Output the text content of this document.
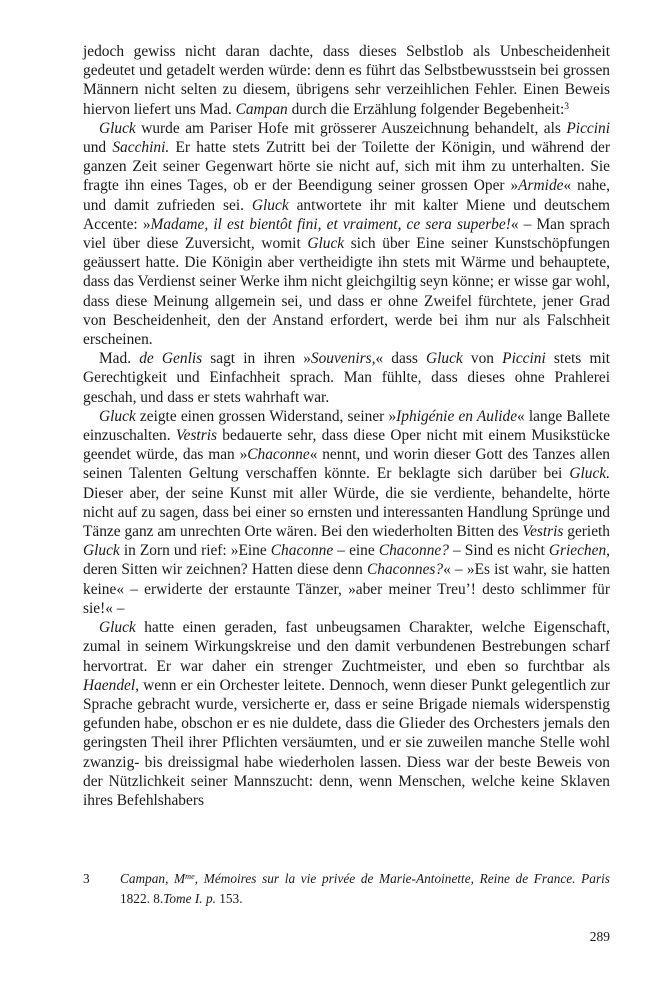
jedoch gewiss nicht daran dachte, dass dieses Selbstlob als Unbescheidenheit gedeutet und getadelt werden würde: denn es führt das Selbstbewusstsein bei grossen Männern nicht selten zu diesem, übrigens sehr verzeihlichen Fehler. Einen Beweis hiervon liefert uns Mad. Campan durch die Erzählung folgender Begebenheit:$^3$

Gluck wurde am Pariser Hofe mit grösserer Auszeichnung behandelt, als Piccini und Sacchini. Er hatte stets Zutritt bei der Toilette der Königin, und während der ganzen Zeit seiner Gegenwart hörte sie nicht auf, sich mit ihm zu unterhalten. Sie fragte ihn eines Tages, ob er der Beendigung seiner grossen Oper »Armide« nahe, und damit zufrieden sei. Gluck antwortete ihr mit kalter Miene und deutschem Accente: »Madame, il est bientôt fini, et vraiment, ce sera superbe!« – Man sprach viel über diese Zuversicht, womit Gluck sich über Eine seiner Kunstschöpfungen geäussert hatte. Die Königin aber vertheidigte ihn stets mit Wärme und behauptete, dass das Verdienst seiner Werke ihm nicht gleichgiltig seyn könne; er wisse gar wohl, dass diese Meinung allgemein sei, und dass er ohne Zweifel fürchtete, jener Grad von Bescheidenheit, den der Anstand erfordert, werde bei ihm nur als Falschheit erscheinen.

Mad. de Genlis sagt in ihren »Souvenirs,« dass Gluck von Piccini stets mit Gerechtigkeit und Einfachheit sprach. Man fühlte, dass dieses ohne Prahlerei geschah, und dass er stets wahrhaft war.

Gluck zeigte einen grossen Widerstand, seiner »Iphigénie en Aulide« lange Ballete einzuschalten. Vestris bedauerte sehr, dass diese Oper nicht mit einem Musikstücke geendet würde, das man »Chaconne« nennt, und worin dieser Gott des Tanzes allen seinen Talenten Geltung verschaffen könnte. Er beklagte sich darüber bei Gluck. Dieser aber, der seine Kunst mit aller Würde, die sie verdiente, behandelte, hörte nicht auf zu sagen, dass bei einer so ernsten und interessanten Handlung Sprünge und Tänze ganz am unrechten Orte wären. Bei den wiederholten Bitten des Vestris gerieth Gluck in Zorn und rief: »Eine Chaconne – eine Chaconne? – Sind es nicht Griechen, deren Sitten wir zeichnen? Hatten diese denn Chaconnes?« – »Es ist wahr, sie hatten keine« – erwiderte der erstaunte Tänzer, »aber meiner Treu’! desto schlimmer für sie!« –

Gluck hatte einen geraden, fast unbeugsamen Charakter, welche Eigenschaft, zumal in seinem Wirkungskreise und den damit verbundenen Bestrebungen scharf hervortrat. Er war daher ein strenger Zuchtmeister, und eben so furchtbar als Haendel, wenn er ein Orchester leitete. Dennoch, wenn dieser Punkt gelegentlich zur Sprache gebracht wurde, versicherte er, dass er seine Brigade niemals widerspenstig gefunden habe, obschon er es nie duldete, dass die Glieder des Orchesters jemals den geringsten Theil ihrer Pflichten versäumten, und er sie zuweilen manche Stelle wohl zwanzig- bis dreissigmal habe wiederholen lassen. Diess war der beste Beweis von der Nützlichkeit seiner Mannszucht: denn, wenn Menschen, welche keine Sklaven ihres Befehlshabers

3 Campan, $M^{me}$, Mémoires sur la vie privée de Marie-Antoinette, Reine de France. Paris 1822. 8.Tome I. p. 153.
289
